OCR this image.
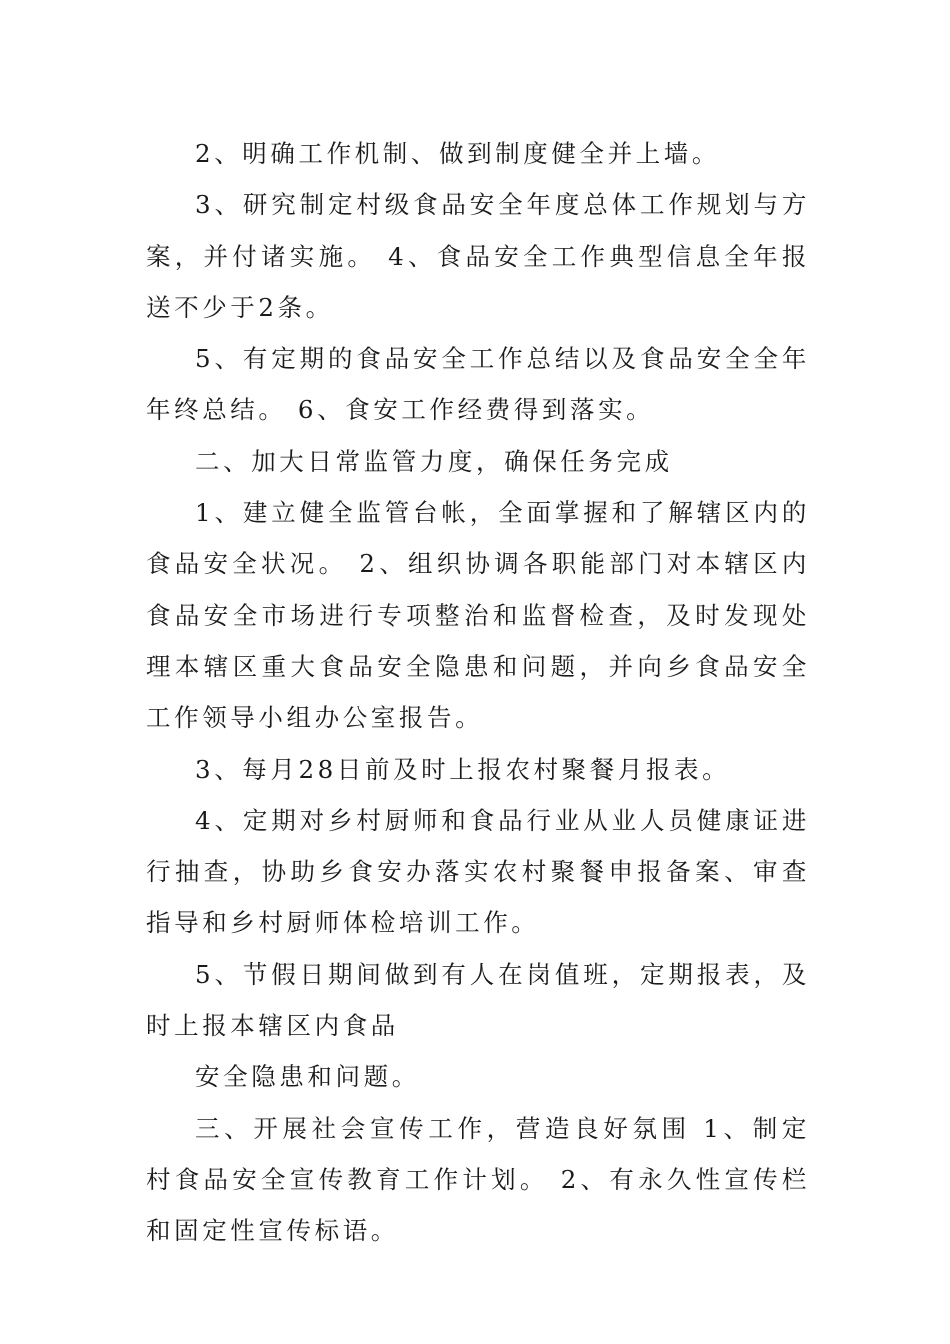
2、明确工作机制、做到制度健全并上墙。

3、研究制定村级食品安全年度总体工作规划与方案，并付诸实施。 4、食品安全工作典型信息全年报送不少于2条。

5、有定期的食品安全工作总结以及食品安全全年年终总结。 6、食安工作经费得到落实。

二、加大日常监管力度，确保任务完成

1、建立健全监管台帐，全面掌握和了解辖区内的食品安全状况。 2、组织协调各职能部门对本辖区内食品安全市场进行专项整治和监督检查，及时发现处理本辖区重大食品安全隐患和问题，并向乡食品安全工作领导小组办公室报告。

3、每月28日前及时上报农村聚餐月报表。

4、定期对乡村厨师和食品行业从业人员健康证进行抽查，协助乡食安办落实农村聚餐申报备案、审查指导和乡村厨师体检培训工作。

5、节假日期间做到有人在岗值班，定期报表，及时上报本辖区内食品

安全隐患和问题。

三、开展社会宣传工作，营造良好氛围 1、制定村食品安全宣传教育工作计划。 2、有永久性宣传栏和固定性宣传标语。
